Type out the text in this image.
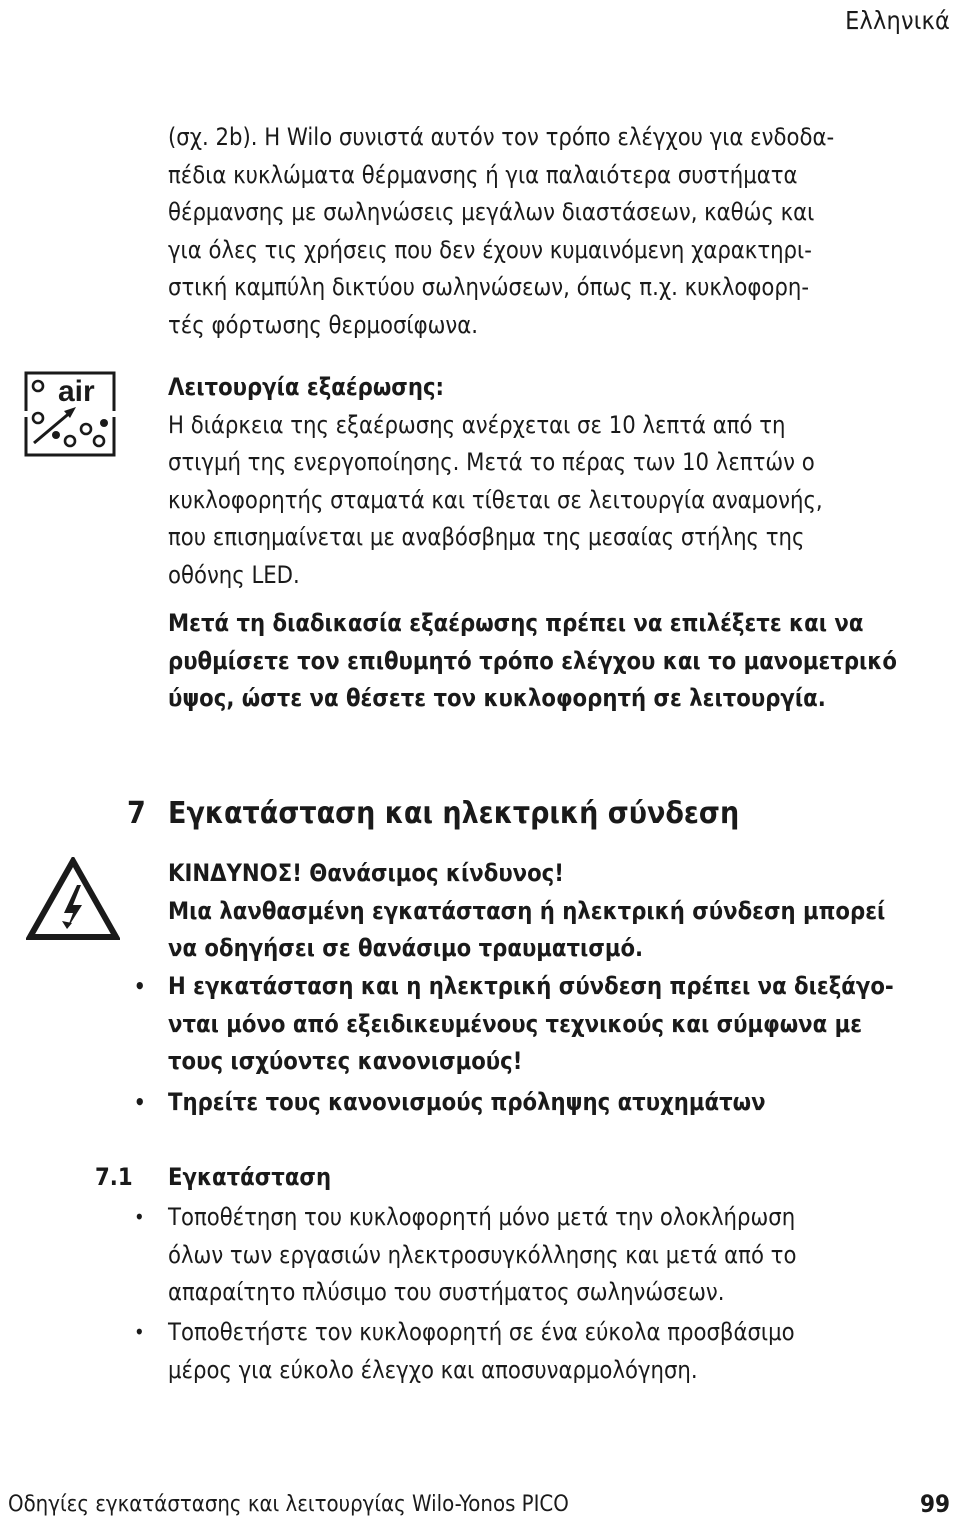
Ελληνικά
(σχ. 2b). Η Wilo συνιστά αυτόν τον τρόπο ελέγχου για ενδοδα-
πέδια κυκλώματα θέρμανσης ή για παλαιότερα συστήματα
θέρμανσης με σωληνώσεις μεγάλων διαστάσεων, καθώς και
για όλες τις χρήσεις που δεν έχουν κυμαινόμενη χαρακτηρι-
στική καμπύλη δικτύου σωληνώσεων, όπως π.χ. κυκλοφορη-
τές φόρτωσης θερμοσίφωνα.
air	Λειτουργία εξαέρωσης:
Η διάρκεια της εξαέρωσης ανέρχεται σε 10 λεπτά από τη
στιγμή της ενεργοποίησης. Μετά το πέρας των 10 λεπτών ο
κυκλοφορητής σταματά και τίθεται σε λειτουργία αναμονής,
που επισημαίνεται με αναβόσβημα της μεσαίας στήλης της
οθόνης LED.
Μετά τη διαδικασία εξαέρωσης πρέπει να επιλέξετε και να
ρυθμίσετε τον επιθυμητό τρόπο ελέγχου και το μανομετρικό
ύψος, ώστε να θέσετε τον κυκλοφορητή σε λειτουργία.
7 Εγκατάσταση και ηλεκτρική σύνδεση
ΚΙΝΔΥΝΟΣ! Θανάσιμος κίνδυνος!
Μια λανθασμένη εγκατάσταση ή ηλεκτρική σύνδεση μπορεί
να οδηγήσει σε θανάσιμο τραυματισμό.
• Η εγκατάσταση και η ηλεκτρική σύνδεση πρέπει να διεξάγο-
νται μόνο από εξειδικευμένους τεχνικούς και σύμφωνα με
τους ισχύοντες κανονισμούς!
• Τηρείτε τους κανονισμούς πρόληψης ατυχημάτων
7.1 Εγκατάσταση
• Τοποθέτηση του κυκλοφορητή μόνο μετά την ολοκλήρωση
όλων των εργασιών ηλεκτροσυγκόλλησης και μετά από το
απαραίτητο πλύσιμο του συστήματος σωληνώσεων.
• Τοποθετήστε τον κυκλοφορητή σε ένα εύκολα προσβάσιμο
μέρος για εύκολο έλεγχο και αποσυναρμολόγηση.
Οδηγίες εγκατάστασης και λειτουργίας Wilo-Yonos PICO	99
